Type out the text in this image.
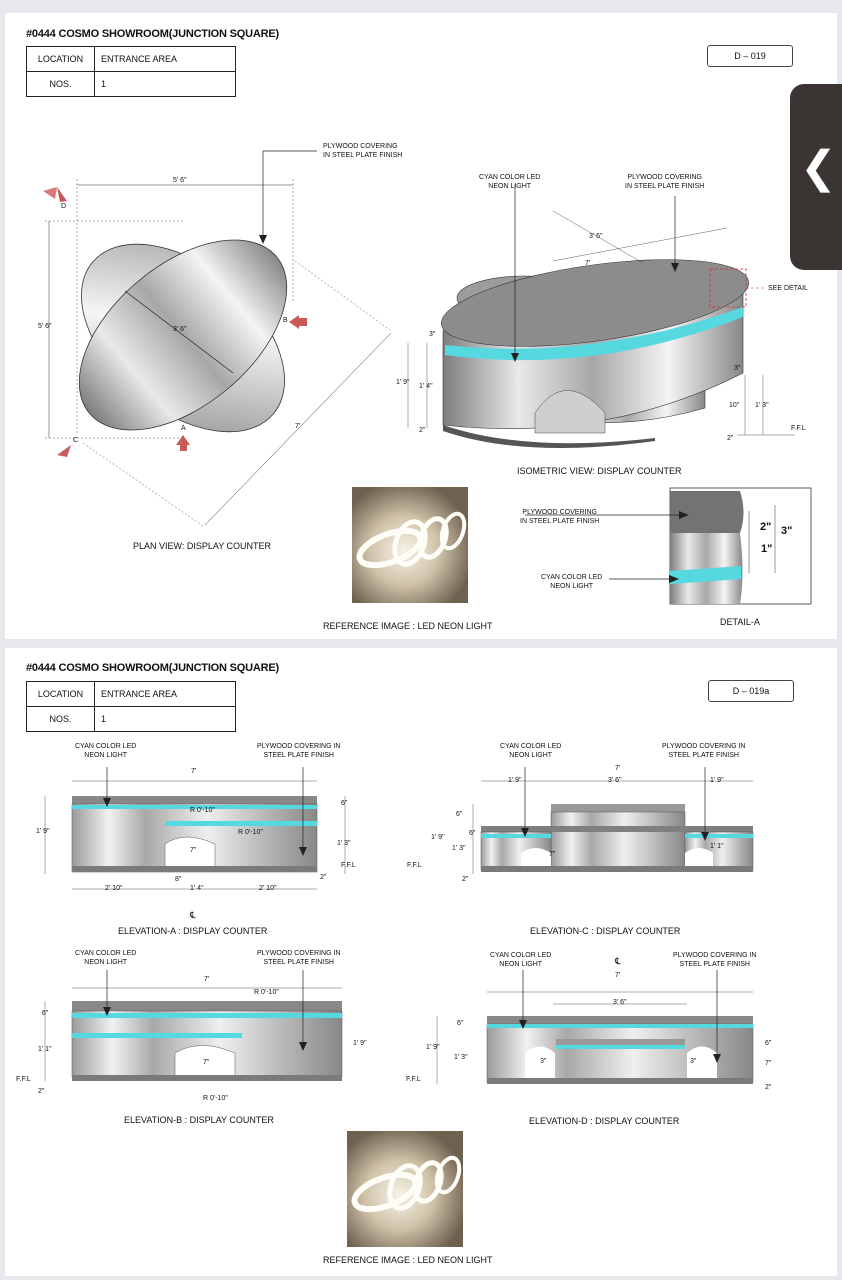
#0444 COSMO SHOWROOM(JUNCTION SQUARE)
LOCATION	ENTRANCE AREA
NOS.	1
D – 019
PLYWOOD COVERING
IN STEEL PLATE FINISH
CYAN COLOR LED
NEON LIGHT
PLYWOOD COVERING
IN STEEL PLATE FINISH
SEE DETAIL
5' 6"
5' 6"	3' 6"
7'
D
C
A
B
3' 6"
7'
1' 9"
1' 4"
3"
2"
3"
10" 1' 3"
2"
F.F.L
PLAN VIEW: DISPLAY COUNTER
ISOMETRIC VIEW: DISPLAY COUNTER
REFERENCE IMAGE : LED NEON LIGHT	DETAIL-A
PLYWOOD COVERING
IN STEEL PLATE FINISH
CYAN COLOR LED
NEON LIGHT
2" 3"
1"
❮
#0444 COSMO SHOWROOM(JUNCTION SQUARE)
LOCATION	ENTRANCE AREA
NOS.	1
D – 019a
CYAN COLOR LED
NEON LIGHT
PLYWOOD COVERING IN
STEEL PLATE FINISH
7'
R 0'-10"
R 0'-10"
1' 9"
6"
1' 3"
2"
7"
8"
1' 4"
2' 10"	2' 10"
F.F.L
℄
ELEVATION-A : DISPLAY COUNTER
CYAN COLOR LED
NEON LIGHT
PLYWOOD COVERING IN
STEEL PLATE FINISH
7'
1' 9"	3' 6"	1' 9"
6"
6"
1' 9"
1' 3"
2"
7"
1' 1"
F.F.L
ELEVATION-C : DISPLAY COUNTER
CYAN COLOR LED
NEON LIGHT
PLYWOOD COVERING IN
STEEL PLATE FINISH
7'
R 0'-10"
R 0'-10"
6"
1' 1"
2"
1' 9"
7"
F.F.L
ELEVATION-B : DISPLAY COUNTER
CYAN COLOR LED
NEON LIGHT
PLYWOOD COVERING IN
STEEL PLATE FINISH
7'
3' 6"
6"
1' 9"
1' 3"
3"	3"
6"
7"
2"
F.F.L
℄
ELEVATION-D : DISPLAY COUNTER
REFERENCE IMAGE : LED NEON LIGHT
